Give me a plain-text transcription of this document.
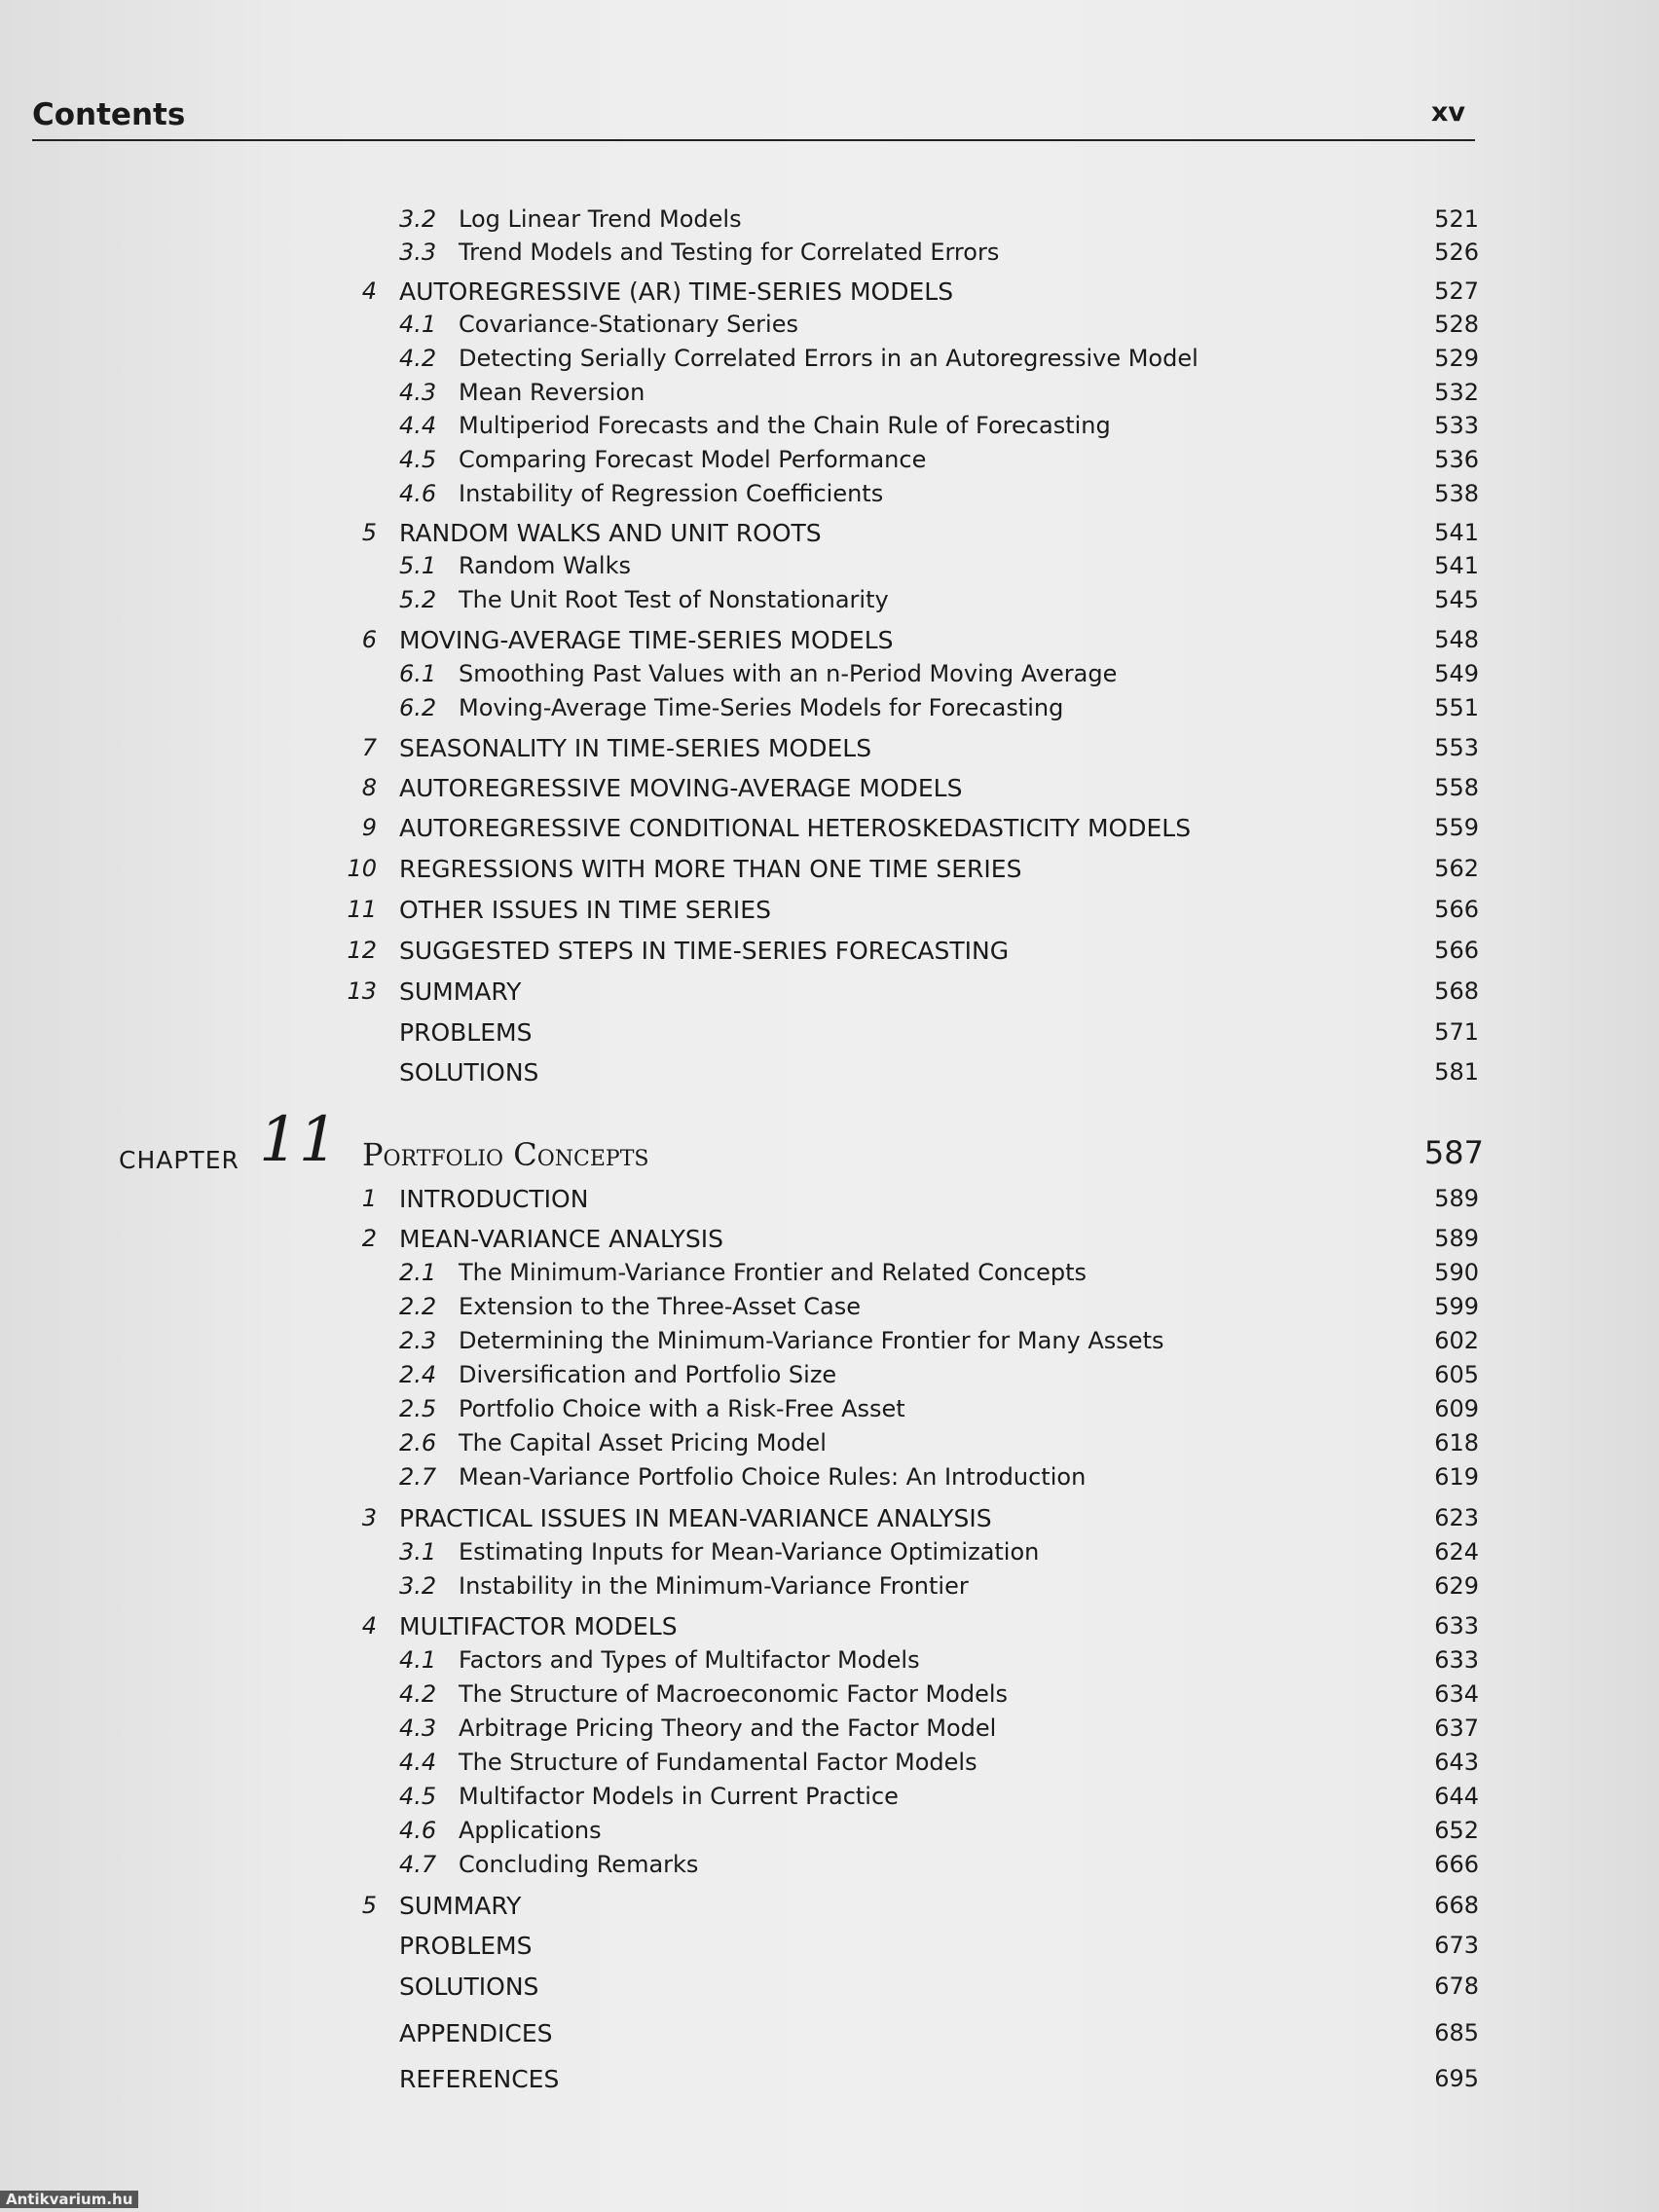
Contents	xv
3.2 Log Linear Trend Models	521
3.3 Trend Models and Testing for Correlated Errors	526
4 AUTOREGRESSIVE (AR) TIME-SERIES MODELS	527
4.1 Covariance-Stationary Series	528
4.2 Detecting Serially Correlated Errors in an Autoregressive Model	529
4.3 Mean Reversion	532
4.4 Multiperiod Forecasts and the Chain Rule of Forecasting	533
4.5 Comparing Forecast Model Performance	536
4.6 Instability of Regression Coefficients	538
5 RANDOM WALKS AND UNIT ROOTS	541
5.1 Random Walks	541
5.2 The Unit Root Test of Nonstationarity	545
6 MOVING-AVERAGE TIME-SERIES MODELS	548
6.1 Smoothing Past Values with an n-Period Moving Average	549
6.2 Moving-Average Time-Series Models for Forecasting	551
7 SEASONALITY IN TIME-SERIES MODELS	553
8 AUTOREGRESSIVE MOVING-AVERAGE MODELS	558
9 AUTOREGRESSIVE CONDITIONAL HETEROSKEDASTICITY MODELS	559
10 REGRESSIONS WITH MORE THAN ONE TIME SERIES	562
11 OTHER ISSUES IN TIME SERIES	566
12 SUGGESTED STEPS IN TIME-SERIES FORECASTING	566
13 SUMMARY	568
PROBLEMS	571
SOLUTIONS	581
CHAPTER 11 Portfolio Concepts	587
1 INTRODUCTION	589
2 MEAN-VARIANCE ANALYSIS	589
2.1 The Minimum-Variance Frontier and Related Concepts	590
2.2 Extension to the Three-Asset Case	599
2.3 Determining the Minimum-Variance Frontier for Many Assets	602
2.4 Diversification and Portfolio Size	605
2.5 Portfolio Choice with a Risk-Free Asset	609
2.6 The Capital Asset Pricing Model	618
2.7 Mean-Variance Portfolio Choice Rules: An Introduction	619
3 PRACTICAL ISSUES IN MEAN-VARIANCE ANALYSIS	623
3.1 Estimating Inputs for Mean-Variance Optimization	624
3.2 Instability in the Minimum-Variance Frontier	629
4 MULTIFACTOR MODELS	633
4.1 Factors and Types of Multifactor Models	633
4.2 The Structure of Macroeconomic Factor Models	634
4.3 Arbitrage Pricing Theory and the Factor Model	637
4.4 The Structure of Fundamental Factor Models	643
4.5 Multifactor Models in Current Practice	644
4.6 Applications	652
4.7 Concluding Remarks	666
5 SUMMARY	668
PROBLEMS	673
SOLUTIONS	678
APPENDICES	685
REFERENCES	695
Antikvarium.hu
